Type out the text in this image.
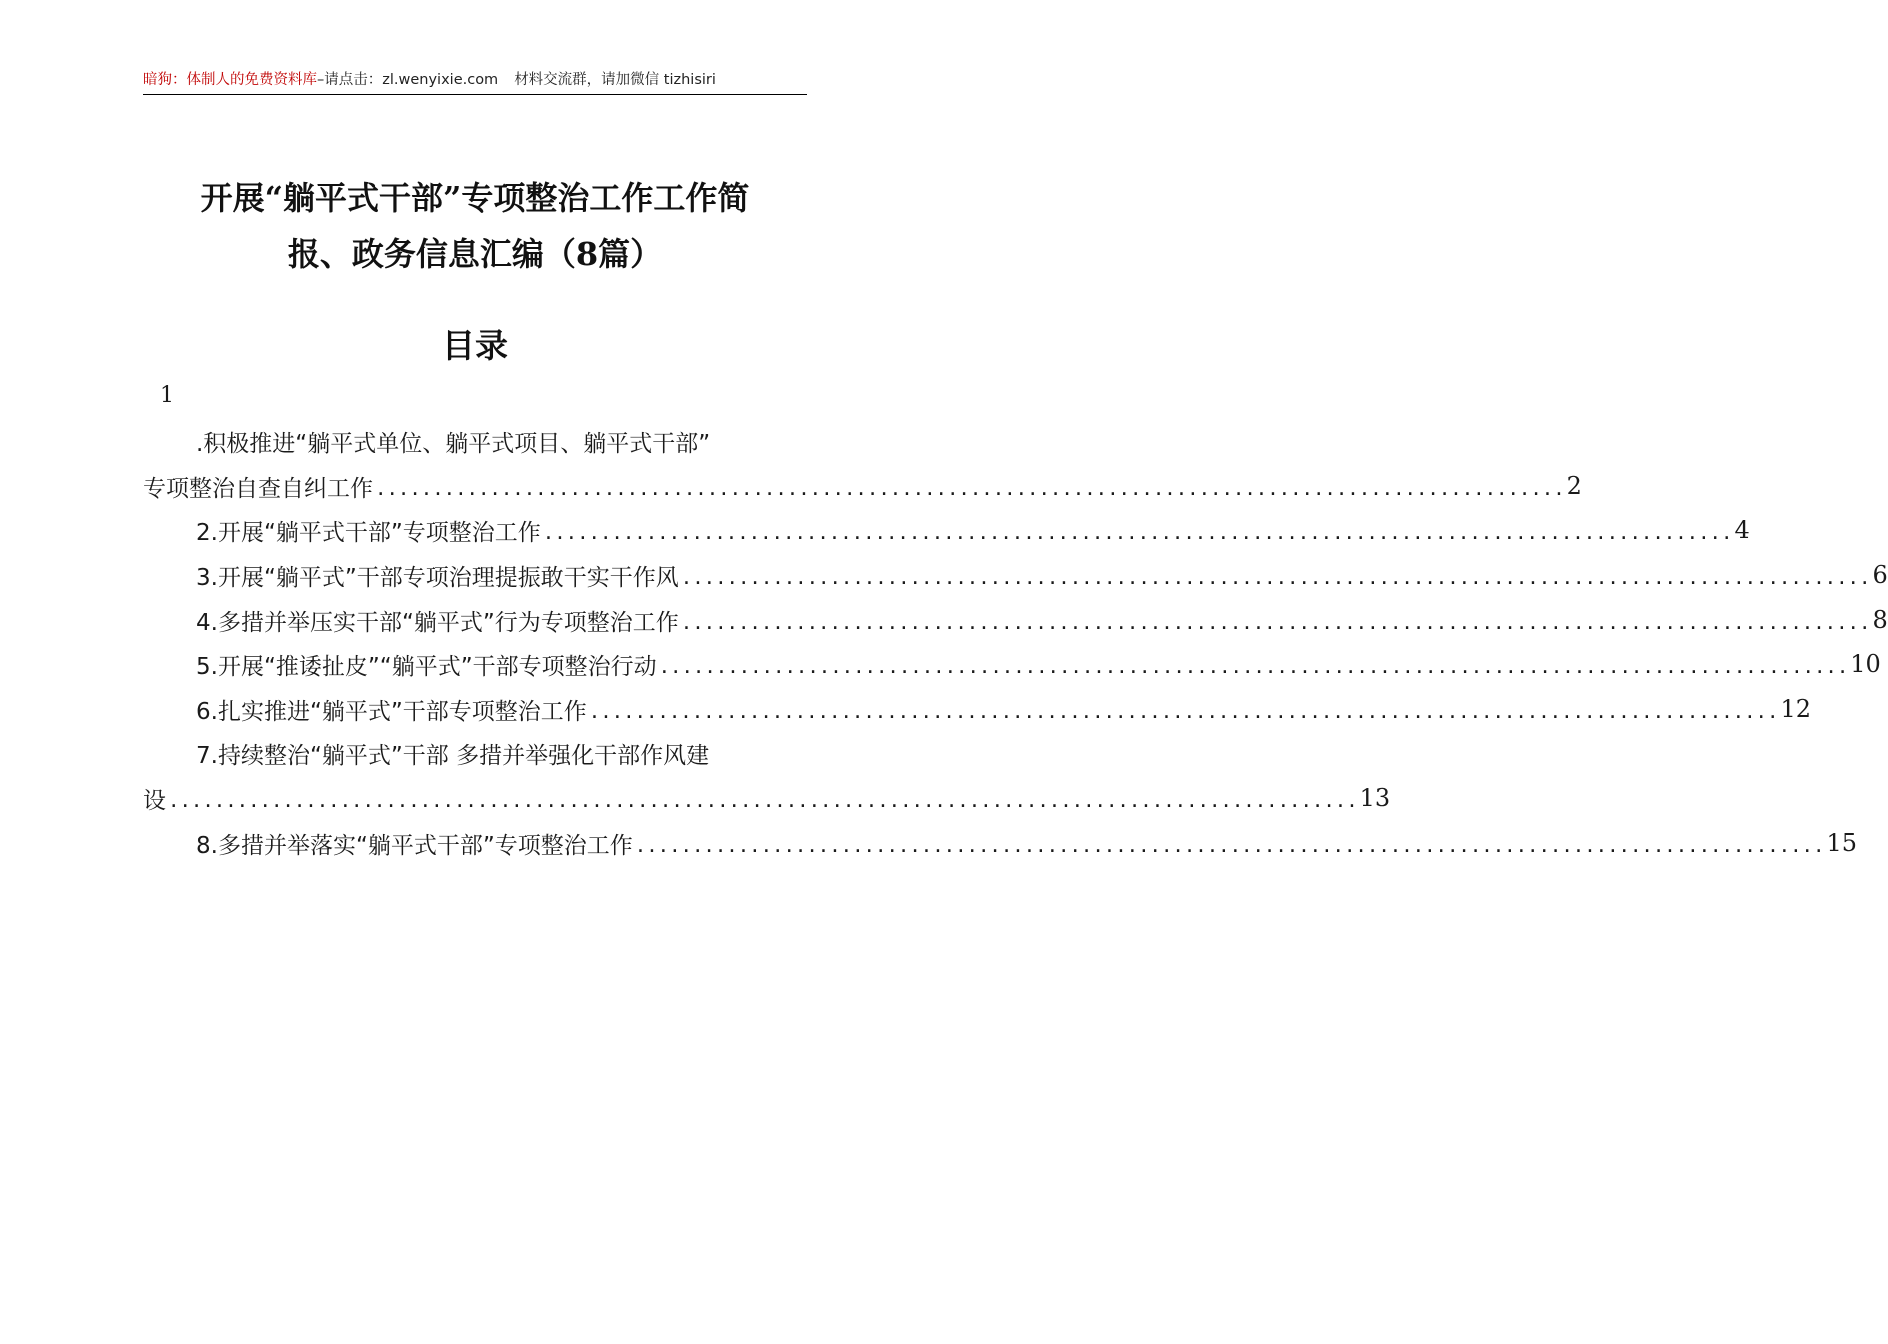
暗狗：体制人的免费资料库–请点击：zl.wenyixie.com 材料交流群，请加微信 tizhisiri
开展“躺平式干部”专项整治工作工作简
报、政务信息汇编（8篇）
目录
1
.积极推进“躺平式单位、躺平式项目、躺平式干部”
专项整治自查自纠工作 ........................................................................................................ 2
2.开展“躺平式干部”专项整治工作 ........................................................................................................ 4
3.开展“躺平式”干部专项治理提振敢干实干作风 ........................................................................................................ 6
4.多措并举压实干部“躺平式”行为专项整治工作 ........................................................................................................ 8
5.开展“推诿扯皮”“躺平式”干部专项整治行动 ........................................................................................................ 10
6.扎实推进“躺平式”干部专项整治工作 ........................................................................................................ 12
7.持续整治“躺平式”干部 多措并举强化干部作风建
设 ........................................................................................................ 13
8.多措并举落实“躺平式干部”专项整治工作 ........................................................................................................ 15
